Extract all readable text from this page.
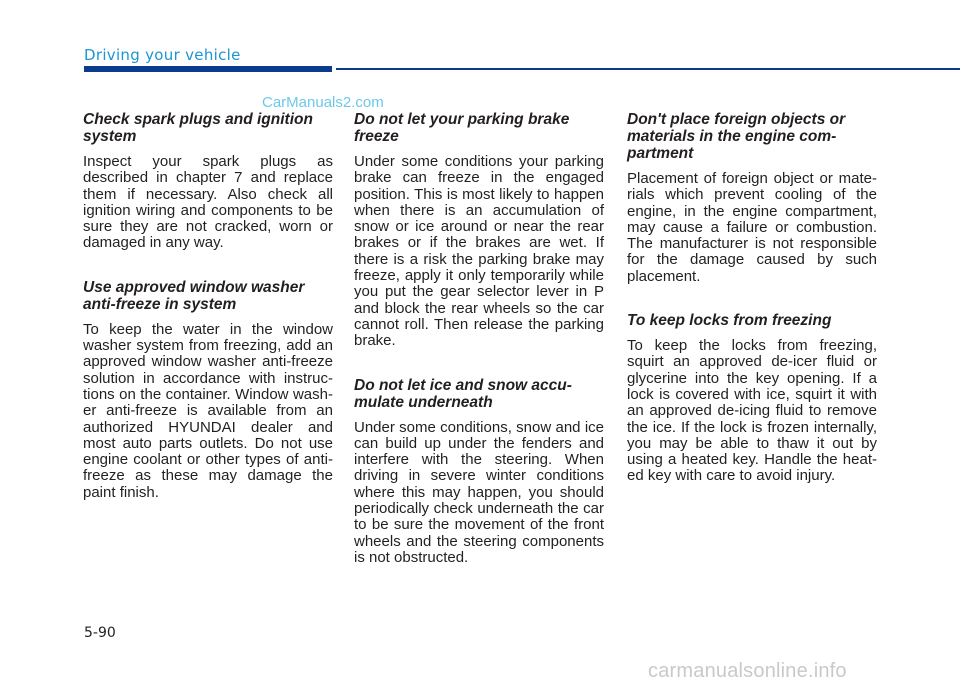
Driving your vehicle
CarManuals2.com
Check spark plugs and ignition system
Inspect your spark plugs as described in chapter 7 and replace them if necessary. Also check all ignition wiring and components to be sure they are not cracked, worn or damaged in any way.
Use approved window washer anti-freeze in system
To keep the water in the window washer system from freezing, add an approved window washer anti-freeze solution in accordance with instructions on the container. Window washer anti-freeze is available from an authorized HYUNDAI dealer and most auto parts outlets. Do not use engine coolant or other types of antifreeze as these may damage the paint finish.
Do not let your parking brake freeze
Under some conditions your parking brake can freeze in the engaged position. This is most likely to happen when there is an accumulation of snow or ice around or near the rear brakes or if the brakes are wet. If there is a risk the parking brake may freeze, apply it only temporarily while you put the gear selector lever in P and block the rear wheels so the car cannot roll. Then release the parking brake.
Do not let ice and snow accumulate underneath
Under some conditions, snow and ice can build up under the fenders and interfere with the steering. When driving in severe winter conditions where this may happen, you should periodically check underneath the car to be sure the movement of the front wheels and the steering components is not obstructed.
Don't place foreign objects or materials in the engine compartment
Placement of foreign object or materials which prevent cooling of the engine, in the engine compartment, may cause a failure or combustion. The manufacturer is not responsible for the damage caused by such placement.
To keep locks from freezing
To keep the locks from freezing, squirt an approved de-icer fluid or glycerine into the key opening. If a lock is covered with ice, squirt it with an approved de-icing fluid to remove the ice. If the lock is frozen internally, you may be able to thaw it out by using a heated key. Handle the heated key with care to avoid injury.
5-90
carmanualsonline.info
